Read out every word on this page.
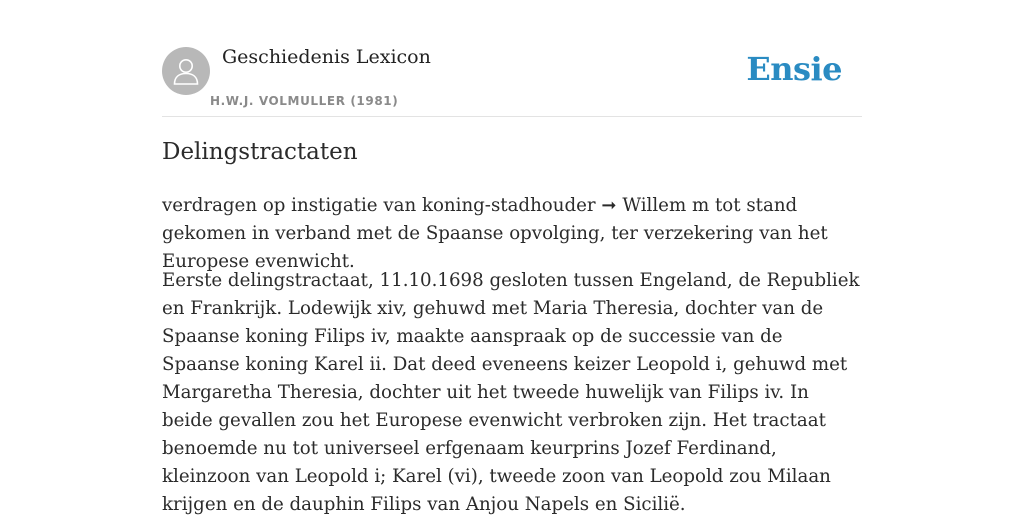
Geschiedenis Lexicon
H.W.J. VOLMULLER (1981)
Ensie
Delingstractaten

verdragen op instigatie van koning-stadhouder ➞ Willem m tot stand gekomen in verband met de Spaanse opvolging, ter verzekering van het Europese evenwicht.

Eerste delingstractaat, 11.10.1698 gesloten tussen Engeland, de Republiek en Frankrijk. Lodewijk xiv, gehuwd met Maria Theresia, dochter van de Spaanse koning Filips iv, maakte aanspraak op de successie van de Spaanse koning Karel ii. Dat deed eveneens keizer Leopold i, gehuwd met Margaretha Theresia, dochter uit het tweede huwelijk van Filips iv. In beide gevallen zou het Europese evenwicht verbroken zijn. Het tractaat benoemde nu tot universeel erfgenaam keurprins Jozef Ferdinand, kleinzoon van Leopold i; Karel (vi), tweede zoon van Leopold zou Milaan krijgen en de dauphin Filips van Anjou Napels en Sicilië.
